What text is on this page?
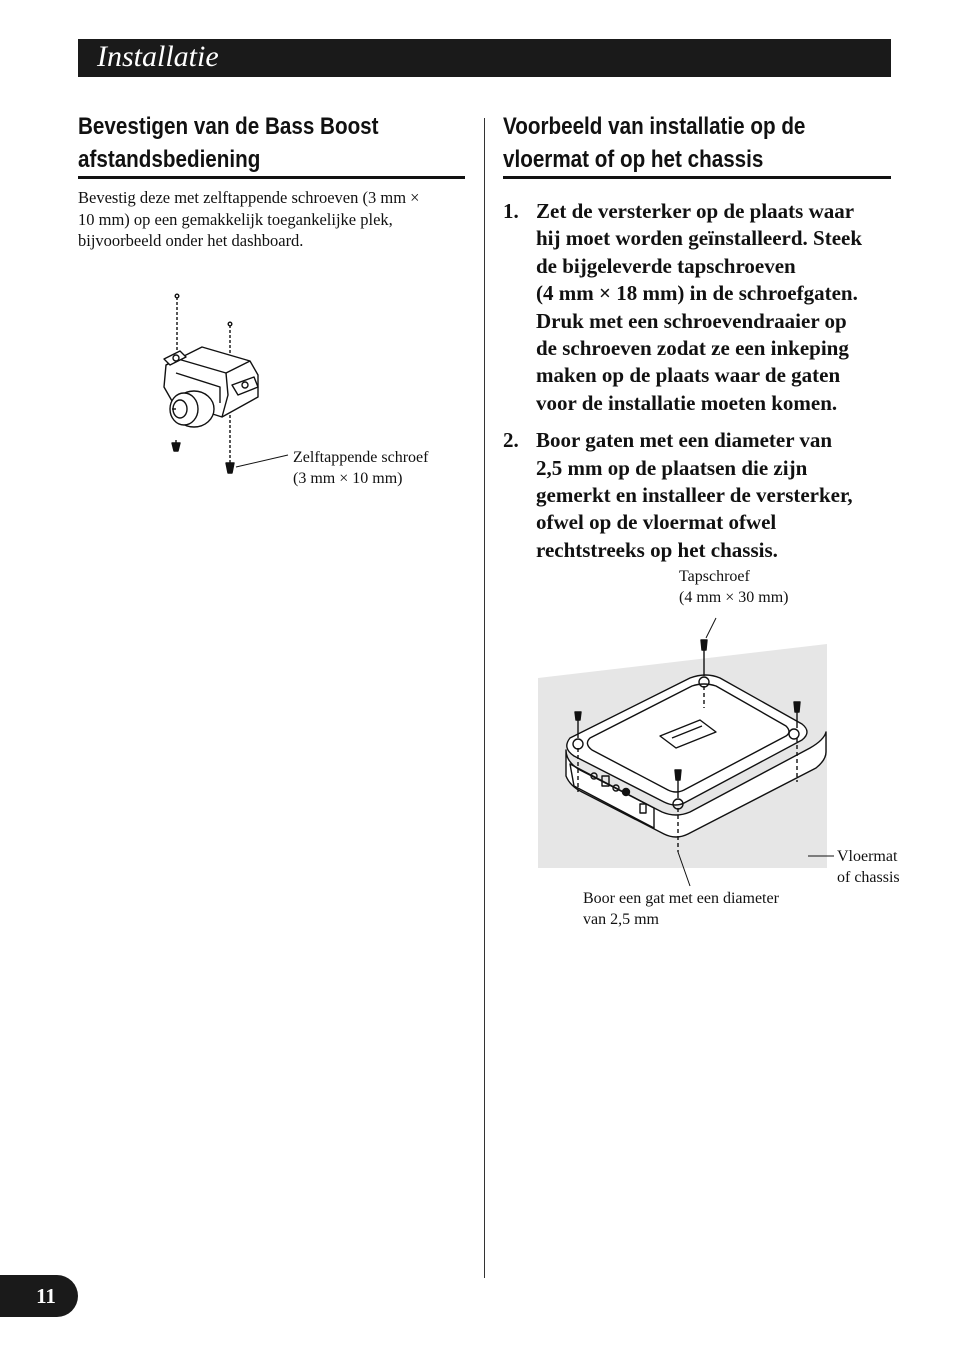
Installatie
Bevestigen van de Bass Boost
afstandsbediening
Bevestig deze met zelftappende schroeven (3 mm ×
10 mm) op een gemakkelijk toegankelijke plek,
bijvoorbeeld onder het dashboard.
Zelftappende schroef
(3 mm × 10 mm)
Voorbeeld van installatie op de
vloermat of op het chassis
1. Zet de versterker op de plaats waar
hij moet worden geïnstalleerd. Steek
de bijgeleverde tapschroeven
(4 mm × 18 mm) in de schroefgaten.
Druk met een schroevendraaier op
de schroeven zodat ze een inkeping
maken op de plaats waar de gaten
voor de installatie moeten komen.
2. Boor gaten met een diameter van
2,5 mm op de plaatsen die zijn
gemerkt en installeer de versterker,
ofwel op de vloermat ofwel
rechtstreeks op het chassis.
Tapschroef
(4 mm × 30 mm)
Vloermat
of chassis
Boor een gat met een diameter
van 2,5 mm
11
